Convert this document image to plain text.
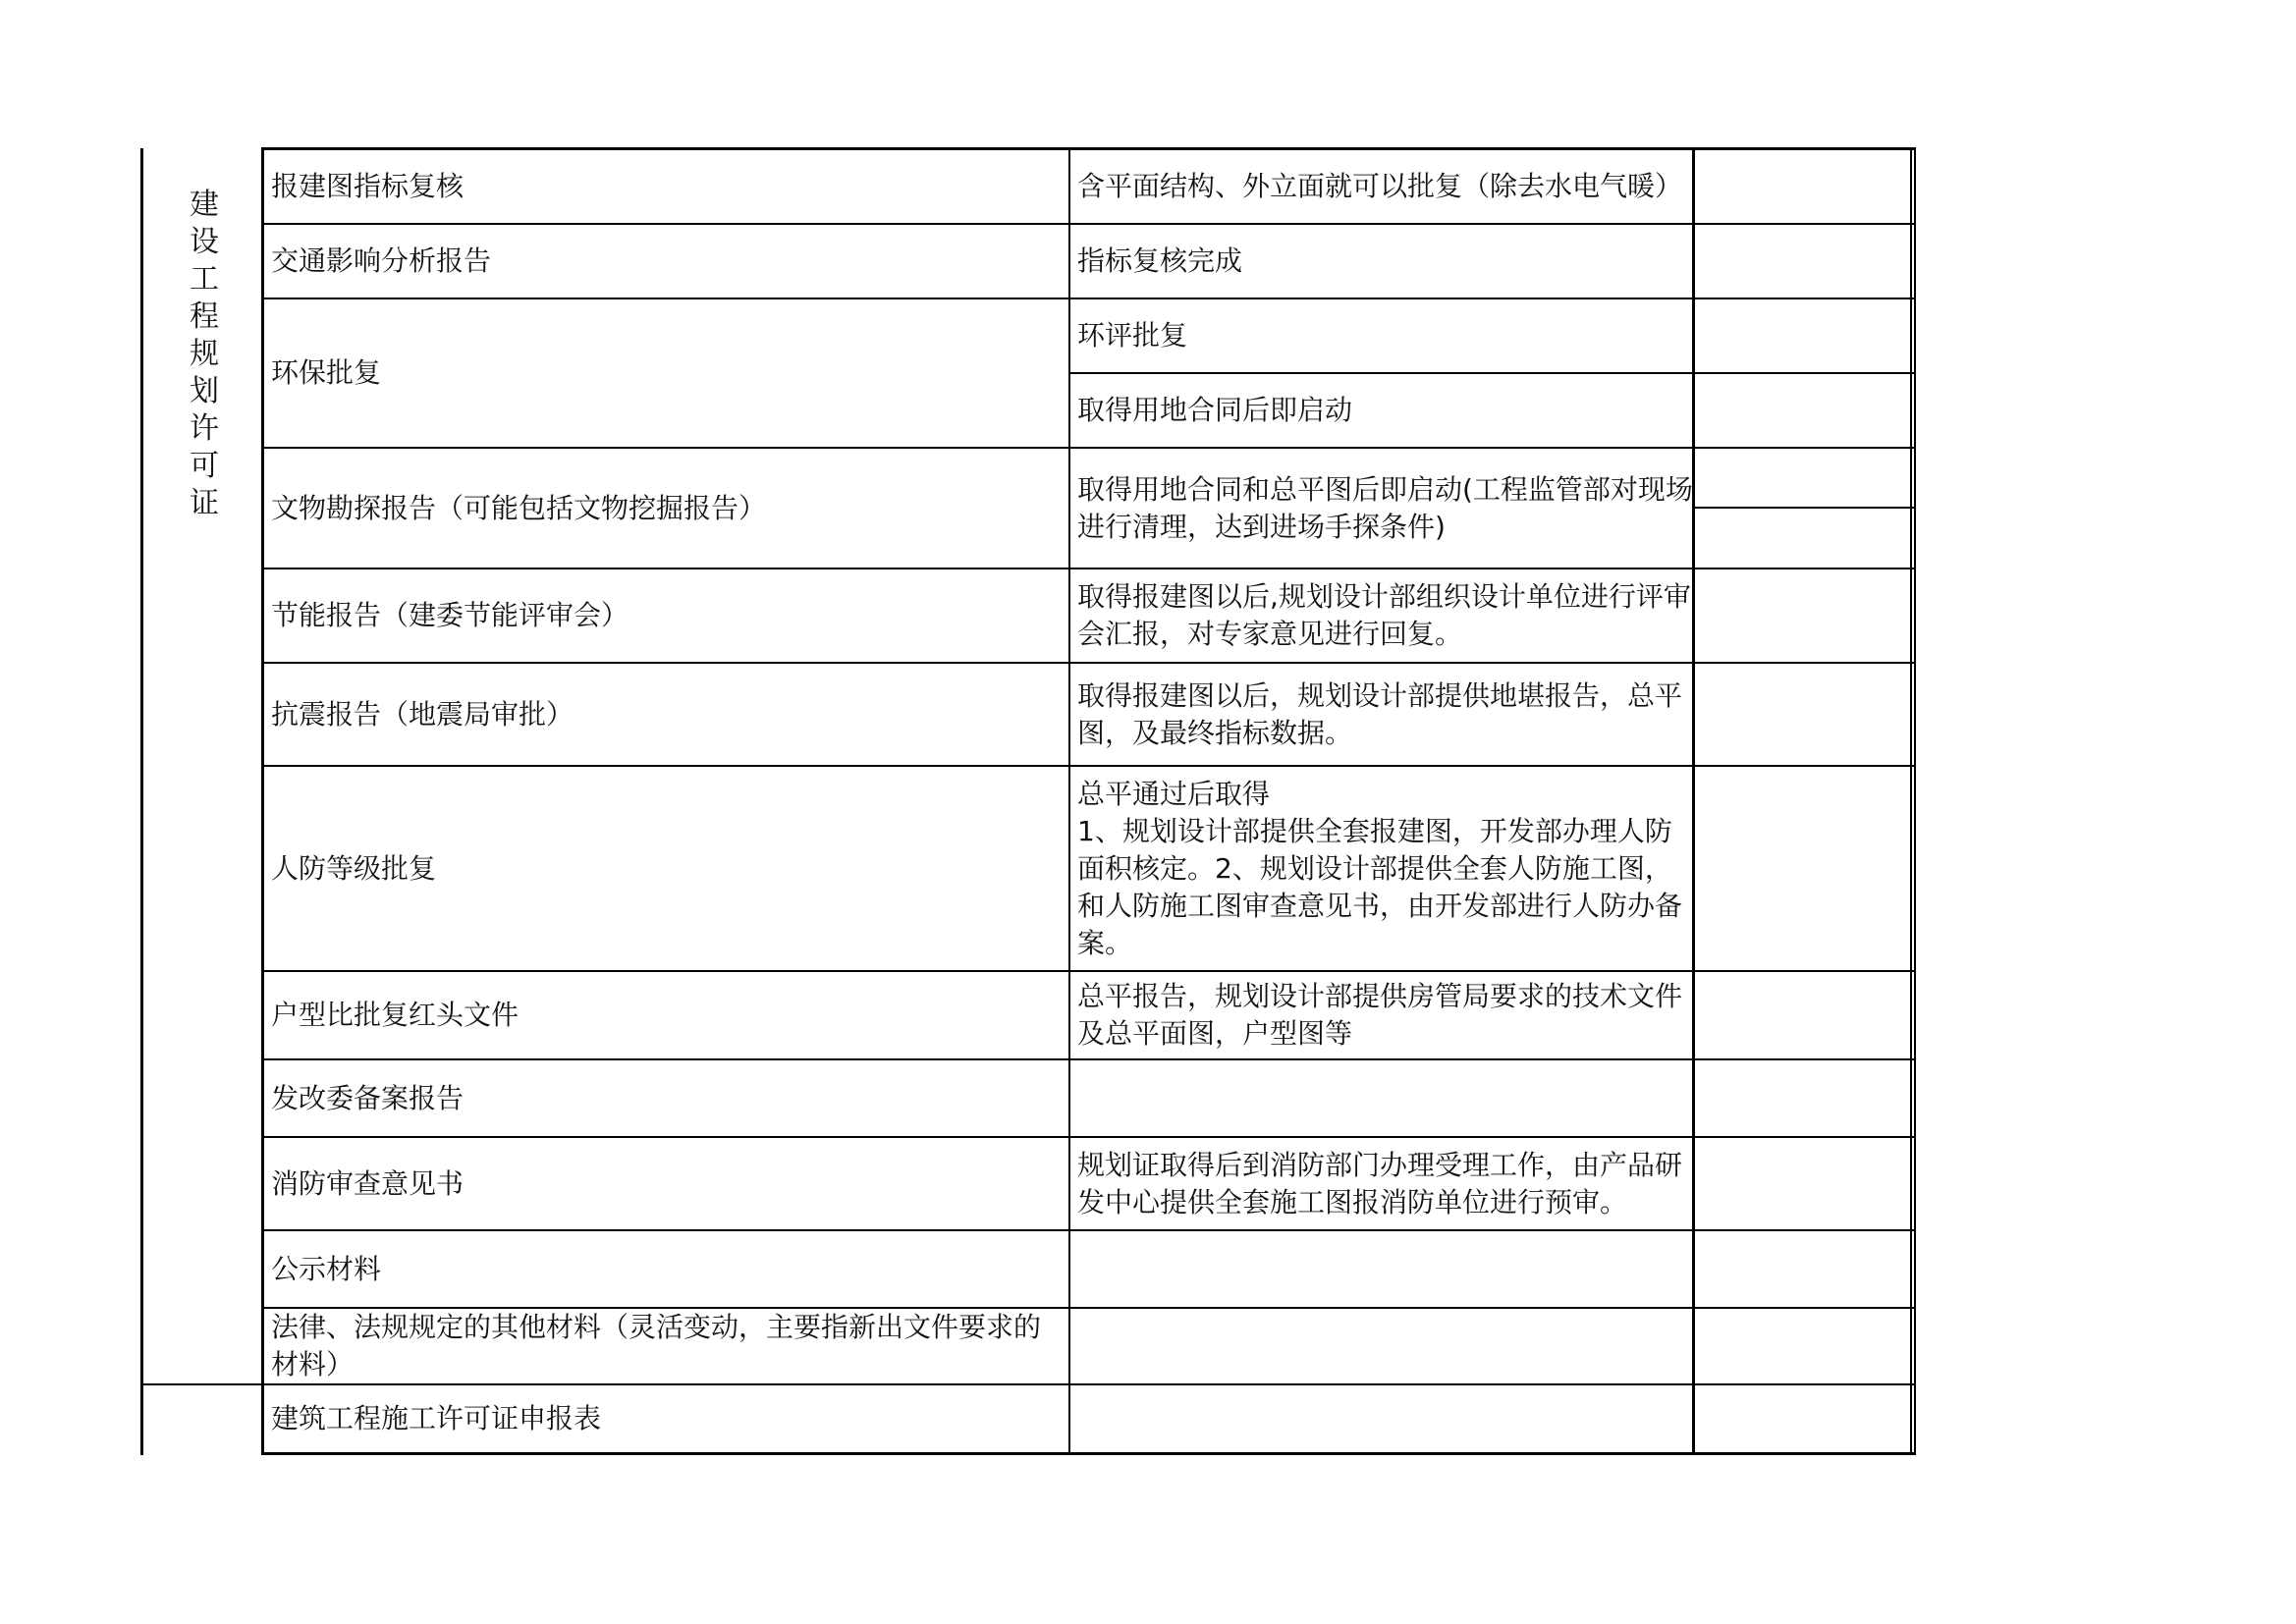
建
设
工
程
规
划
许
可
证
报建图指标复核
交通影响分析报告
环保批复
文物勘探报告（可能包括文物挖掘报告）
节能报告（建委节能评审会）
抗震报告（地震局审批）
人防等级批复
户型比批复红头文件
发改委备案报告
消防审查意见书
公示材料
法律、法规规定的其他材料（灵活变动，主要指新出文件要求的
材料）
建筑工程施工许可证申报表
含平面结构、外立面就可以批复（除去水电气暖）
指标复核完成
环评批复
取得用地合同后即启动
取得用地合同和总平图后即启动(工程监管部对现场
进行清理，达到进场手探条件)
取得报建图以后,规划设计部组织设计单位进行评审
会汇报，对专家意见进行回复。
取得报建图以后，规划设计部提供地堪报告，总平
图，及最终指标数据。
总平通过后取得
1、规划设计部提供全套报建图，开发部办理人防
面积核定。2、规划设计部提供全套人防施工图，
和人防施工图审查意见书，由开发部进行人防办备
案。
总平报告，规划设计部提供房管局要求的技术文件
及总平面图，户型图等
规划证取得后到消防部门办理受理工作，由产品研
发中心提供全套施工图报消防单位进行预审。
